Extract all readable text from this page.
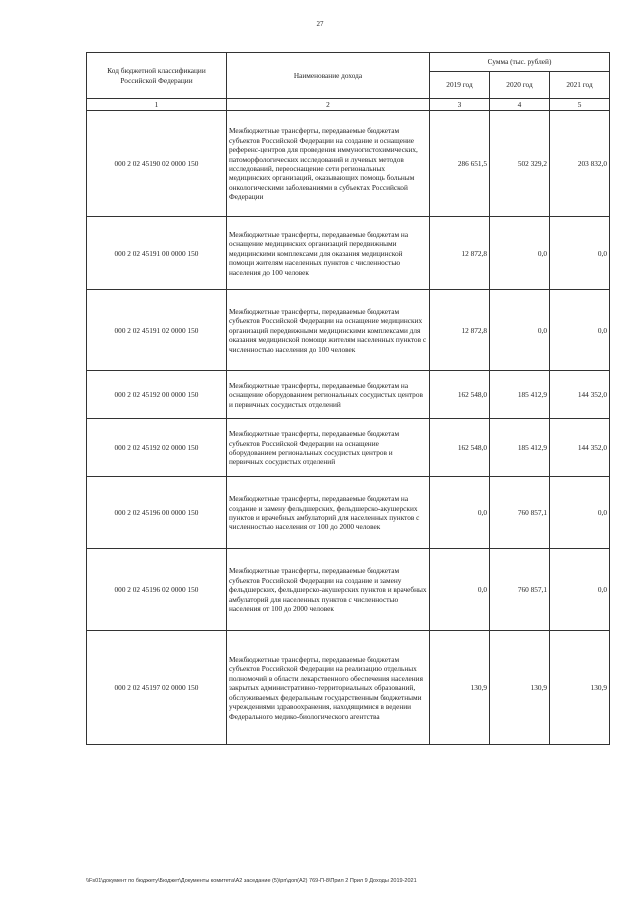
27
Код бюджетной классификации Российской Федерации	Наименование дохода	Сумма (тыс. рублей)		
		2019 год	2020 год	2021 год
1	2	3	4	5
000 2 02 45190 02 0000 150	Межбюджетные трансферты, передаваемые бюджетам субъектов Российской Федерации на создание и оснащение референс-центров для проведения иммуногистохимических, патоморфологических исследований и лучевых методов исследований, переоснащение сети региональных медицинских организаций, оказывающих помощь больным онкологическими заболеваниями в субъектах Российской Федерации	286 651,5	502 329,2	203 832,0
000 2 02 45191 00 0000 150	Межбюджетные трансферты, передаваемые бюджетам на оснащение медицинских организаций передвижными медицинскими комплексами для оказания медицинской помощи жителям населенных пунктов с численностью населения до 100 человек	12 872,8	0,0	0,0
000 2 02 45191 02 0000 150	Межбюджетные трансферты, передаваемые бюджетам субъектов Российской Федерации на оснащение медицинских организаций передвижными медицинскими комплексами для оказания медицинской помощи жителям населенных пунктов с численностью населения до 100 человек	12 872,8	0,0	0,0
000 2 02 45192 00 0000 150	Межбюджетные трансферты, передаваемые бюджетам на оснащение оборудованием региональных сосудистых центров и первичных сосудистых отделений	162 548,0	185 412,9	144 352,0
000 2 02 45192 02 0000 150	Межбюджетные трансферты, передаваемые бюджетам субъектов Российской Федерации на оснащение оборудованием региональных сосудистых центров и первичных сосудистых отделений	162 548,0	185 412,9	144 352,0
000 2 02 45196 00 0000 150	Межбюджетные трансферты, передаваемые бюджетам на создание и замену фельдшерских, фельдшерско-акушерских пунктов и врачебных амбулаторий для населенных пунктов с численностью населения от 100 до 2000 человек	0,0	760 857,1	0,0
000 2 02 45196 02 0000 150	Межбюджетные трансферты, передаваемые бюджетам субъектов Российской Федерации на создание и замену фельдшерских, фельдшерско-акушерских пунктов и врачебных амбулаторий для населенных пунктов с численностью населения от 100 до 2000 человек	0,0	760 857,1	0,0
000 2 02 45197 02 0000 150	Межбюджетные трансферты, передаваемые бюджетам субъектов Российской Федерации на реализацию отдельных полномочий в области лекарственного обеспечения населения закрытых административно-территориальных образований, обслуживаемых федеральным государственным бюджетными учреждениями здравоохранения, находящимися в ведении Федерального медико-биологического агентства	130,9	130,9	130,9
\\Fs01\документ по бюджету\Бюджет\Документы комитета\А2 заседание (5)\рп\доп(А2) 769-П-8\Прил 2 Прил 9 Доходы 2019-2021
